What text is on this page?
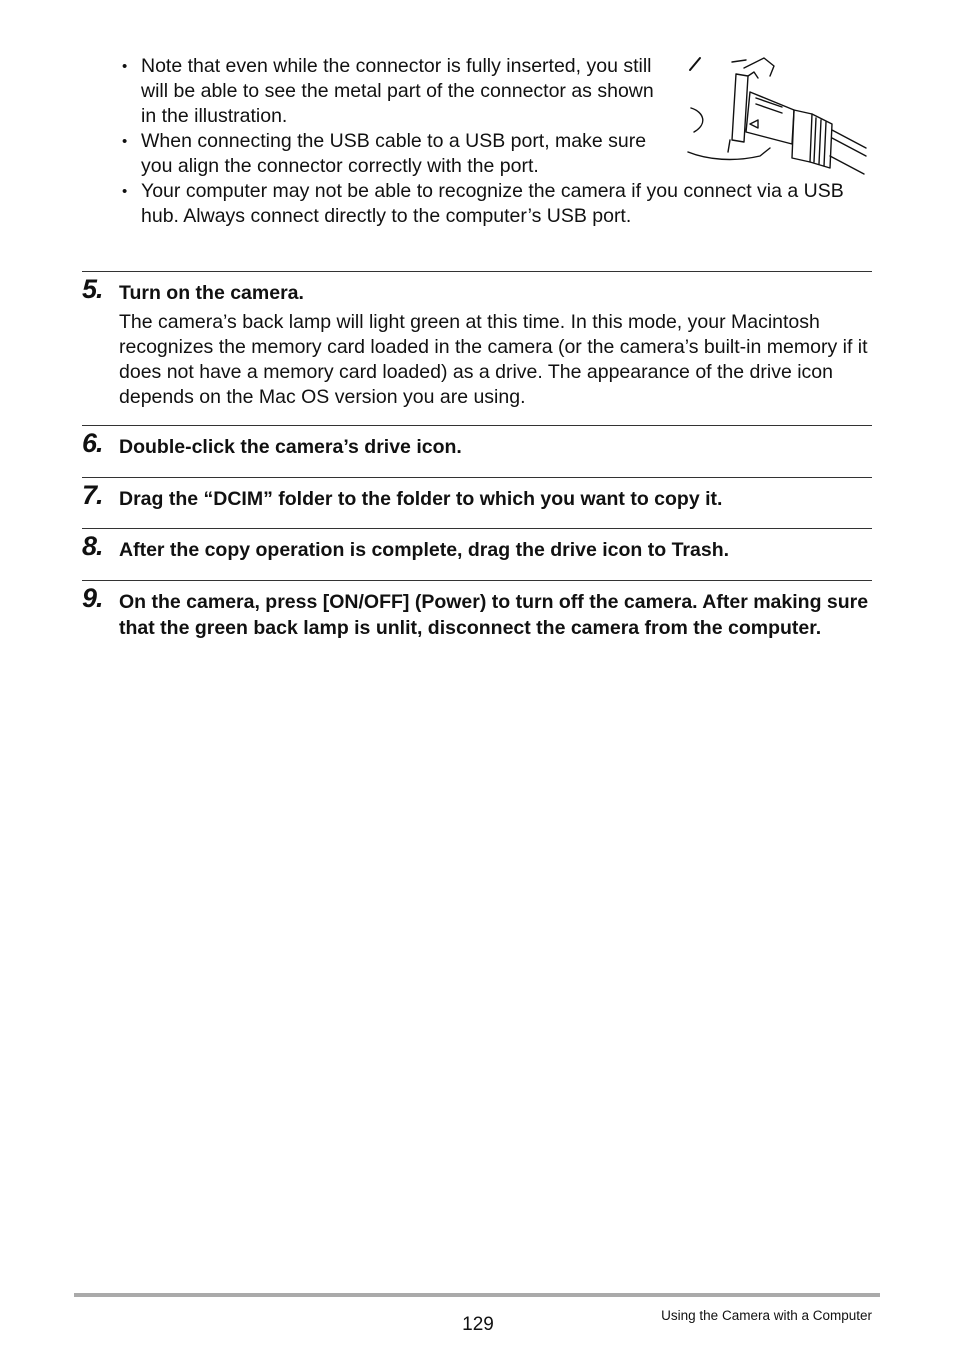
• Note that even while the connector is fully inserted, you still will be able to see the metal part of the connector as shown in the illustration.
• When connecting the USB cable to a USB port, make sure you align the connector correctly with the port.
• Your computer may not be able to recognize the camera if you connect via a USB hub. Always connect directly to the computer’s USB port.
5. Turn on the camera.
The camera’s back lamp will light green at this time. In this mode, your Macintosh recognizes the memory card loaded in the camera (or the camera’s built-in memory if it does not have a memory card loaded) as a drive. The appearance of the drive icon depends on the Mac OS version you are using.
6. Double-click the camera’s drive icon.
7. Drag the “DCIM” folder to the folder to which you want to copy it.
8. After the copy operation is complete, drag the drive icon to Trash.
9. On the camera, press [ON/OFF] (Power) to turn off the camera. After making sure that the green back lamp is unlit, disconnect the camera from the computer.
129	Using the Camera with a Computer
